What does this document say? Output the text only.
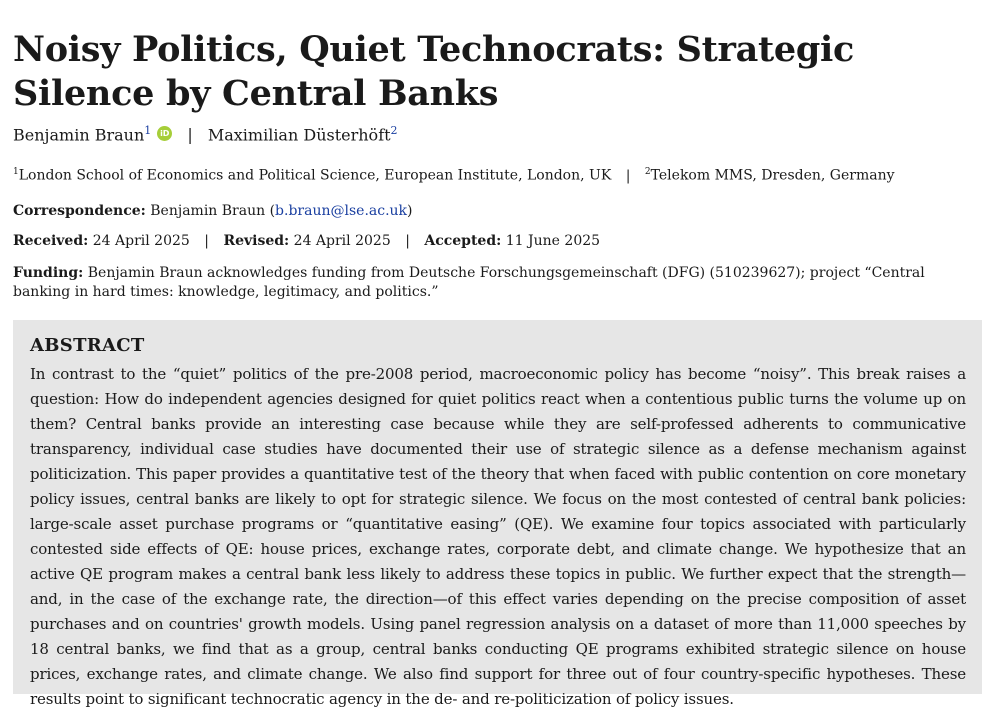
Noisy Politics, Quiet Technocrats: Strategic Silence by Central Banks
Benjamin Braun$^1$ iD | Maximilian Düsterhöft$^2$
$^1$London School of Economics and Political Science, European Institute, London, UK | $^2$Telekom MMS, Dresden, Germany
Correspondence: Benjamin Braun (b.braun@lse.ac.uk)
Received: 24 April 2025 | Revised: 24 April 2025 | Accepted: 11 June 2025
Funding: Benjamin Braun acknowledges funding from Deutsche Forschungsgemeinschaft (DFG) (510239627); project “Central banking in hard times: knowledge, legitimacy, and politics.”
ABSTRACT

In contrast to the “quiet” politics of the pre-2008 period, macroeconomic policy has become “noisy”. This break raises a question: How do independent agencies designed for quiet politics react when a contentious public turns the volume up on them? Central banks provide an interesting case because while they are self-professed adherents to communicative transparency, individual case studies have documented their use of strategic silence as a defense mechanism against politicization. This paper provides a quantitative test of the theory that when faced with public contention on core monetary policy issues, central banks are likely to opt for strategic silence. We focus on the most contested of central bank policies: large-scale asset purchase programs or “quantitative easing” (QE). We examine four topics associated with particularly contested side effects of QE: house prices, exchange rates, corporate debt, and climate change. We hypothesize that an active QE program makes a central bank less likely to address these topics in public. We further expect that the strength—and, in the case of the exchange rate, the direction—of this effect varies depending on the precise composition of asset purchases and on countries' growth models. Using panel regression analysis on a dataset of more than 11,000 speeches by 18 central banks, we find that as a group, central banks conducting QE programs exhibited strategic silence on house prices, exchange rates, and climate change. We also find support for three out of four country-specific hypotheses. These results point to significant technocratic agency in the de- and re-politicization of policy issues.
